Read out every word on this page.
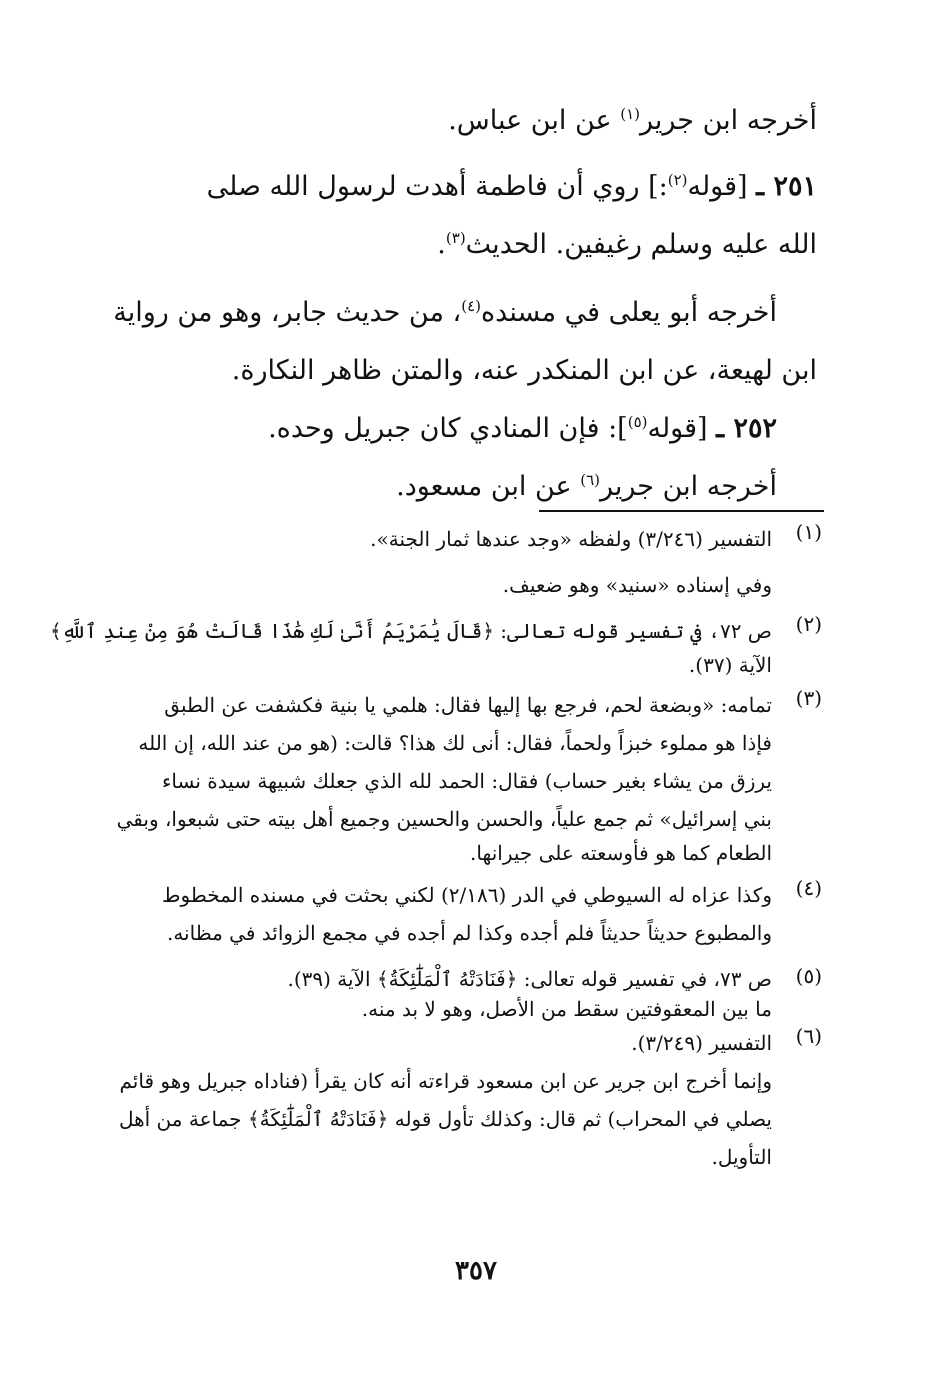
أخرجه ابن جرير$^{(١)}$ عن ابن عباس.
٢٥١ ـ [قوله$^{(٢)}$:] روي أن فاطمة أهدت لرسول الله صلى
الله عليه وسلم رغيفين. الحديث$^{(٣)}$.
أخرجه أبو يعلى في مسنده$^{(٤)}$، من حديث جابر، وهو من رواية
ابن لهيعة، عن ابن المنكدر عنه، والمتن ظاهر النكارة.
٢٥٢ ـ [قوله$^{(٥)}$]: فإن المنادي كان جبريل وحده.
أخرجه ابن جرير$^{(٦)}$ عن ابن مسعود.
(١)
التفسير (٣/٢٤٦) ولفظه «وجد عندها ثمار الجنة».
وفي إسناده «سنيد» وهو ضعيف.
(٢)
ص ٧٢، في تفسير قوله تعالى: ﴿قَالَ يَٰمَرْيَمُ أَنَّىٰ لَكِ هَٰذَا قَالَتْ هُوَ مِنْ عِندِ ٱللَّهِ﴾
الآية (٣٧).
(٣)
تمامه: «وبضعة لحم، فرجع بها إليها فقال: هلمي يا بنية فكشفت عن الطبق
فإذا هو مملوء خبزاً ولحماً، فقال: أنى لك هذا؟ قالت: (هو من عند الله، إن الله
يرزق من يشاء بغير حساب) فقال: الحمد لله الذي جعلك شبيهة سيدة نساء
بني إسرائيل» ثم جمع علياً، والحسن والحسين وجميع أهل بيته حتى شبعوا، وبقي
الطعام كما هو فأوسعته على جيرانها.
(٤)
وكذا عزاه له السيوطي في الدر (٢/١٨٦) لكني بحثت في مسنده المخطوط
والمطبوع حديثاً حديثاً فلم أجده وكذا لم أجده في مجمع الزوائد في مظانه.
(٥)
ص ٧٣، في تفسير قوله تعالى: ﴿فَنَادَتْهُ ٱلْمَلَٰٓئِكَةُ﴾ الآية (٣٩).
ما بين المعقوفتين سقط من الأصل، وهو لا بد منه.
(٦)
التفسير (٣/٢٤٩).
وإنما أخرج ابن جرير عن ابن مسعود قراءته أنه كان يقرأ (فناداه جبريل وهو قائم
يصلي في المحراب) ثم قال: وكذلك تأول قوله ﴿فَنَادَتْهُ ٱلْمَلَٰٓئِكَةُ﴾ جماعة من أهل
التأويل.
٣٥٧
